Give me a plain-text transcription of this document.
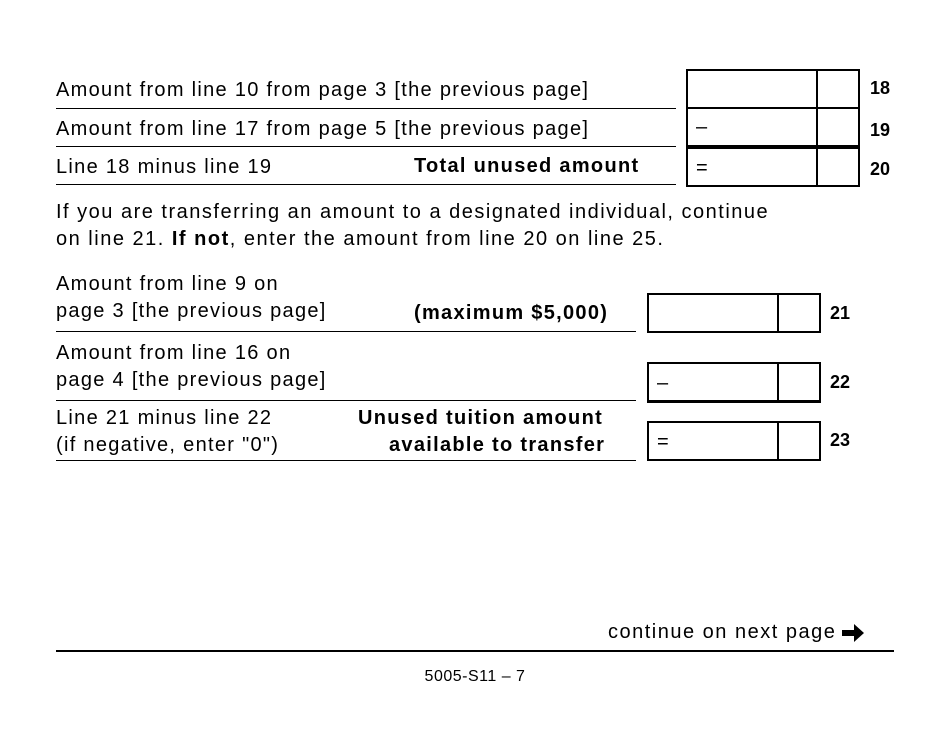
Amount from line 10 from page 3 [the previous page]	18
Amount from line 17 from page 5 [the previous page]	–	19
Line 18 minus line 19	Total unused amount	=	20
If you are transferring an amount to a designated individual, continue
on line 21. If not, enter the amount from line 20 on line 25.
Amount from line 9 on
page 3 [the previous page]	(maximum $5,000)	21
Amount from line 16 on
page 4 [the previous page]	–	22
Line 21 minus line 22
(if negative, enter "0")
Unused tuition amount
available to transfer	=	23
continue on next page
5005-S11 – 7
